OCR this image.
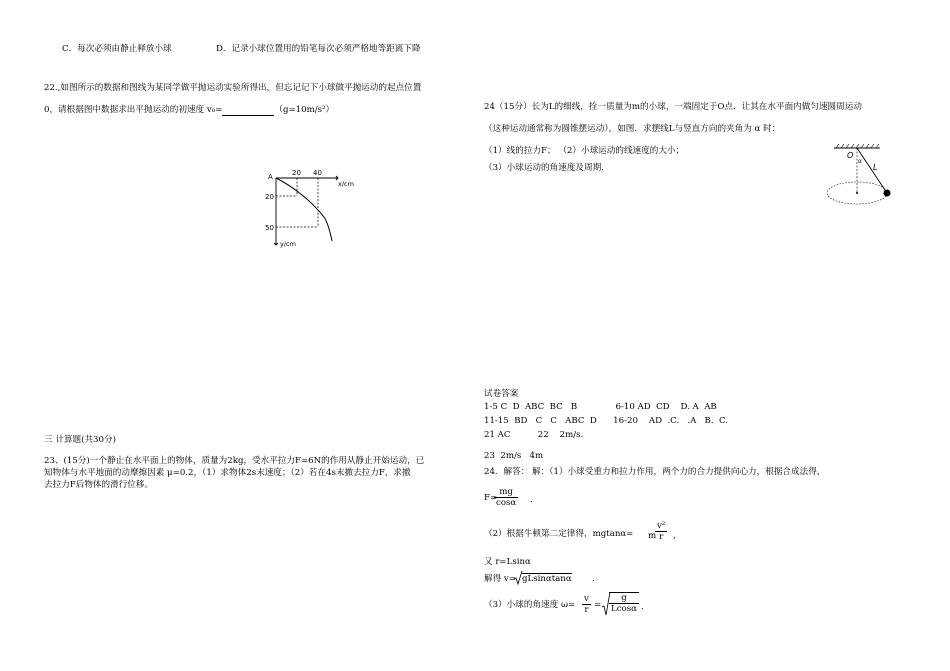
C．每次必须由静止释放小球	D．记录小球位置用的铅笔每次必须严格地等距离下降
22.,如图所示的数据和图线为某同学做平抛运动实验所得出，但忘记记下小球做平抛运动的起点位置
0，请根据图中数据求出平抛运动的初速度 v₀=	（g=10m/s²）
A	20 40
x/cm
20
50
y/cm
三 计算题(共30分)
23、(15分)一个静止在水平面上的物体，质量为2kg，受水平拉力F=6N的作用从静止开始运动，已
知物体与水平地面的动摩擦因素 μ=0.2，（1）求物体2s末速度；（2）若在4s末撤去拉力F，求撤
去拉力F后物体的滑行位移。
24（15分）长为L的细线，拴一质量为m的小球，一端固定于O点．让其在水平面内做匀速圆周运动
（这种运动通常称为圆锥摆运动），如图．求摆线L与竖直方向的夹角为 α 时：
（1）线的拉力F； （2）小球运动的线速度的大小；
（3）小球运动的角速度及周期.
O
α
L
试卷答案
1-5 C  D  ABC  BC   B              6-10 AD  CD    D. A  AB
11-15  BD   C   C   ABC  D      16-20    AD  .C.   .A   B.  C.
21 AC          22    2m/s.
23  2m/s   4m
24．解答： 解：（1）小球受重力和拉力作用，两个力的合力提供向心力，根据合成法得，
F=
$\frac{mg}{\cos\alpha}$ .
（2）根据牛顿第二定律得，mgtanα= m
$\frac{\text{v²}}{r}$ ,
又 r=Lsinα
解得 v= gLsinαtanα .
（3）小球的角速度 $\omega= \frac{v}{r} = \frac{g}{Lcos\alpha}$ .
